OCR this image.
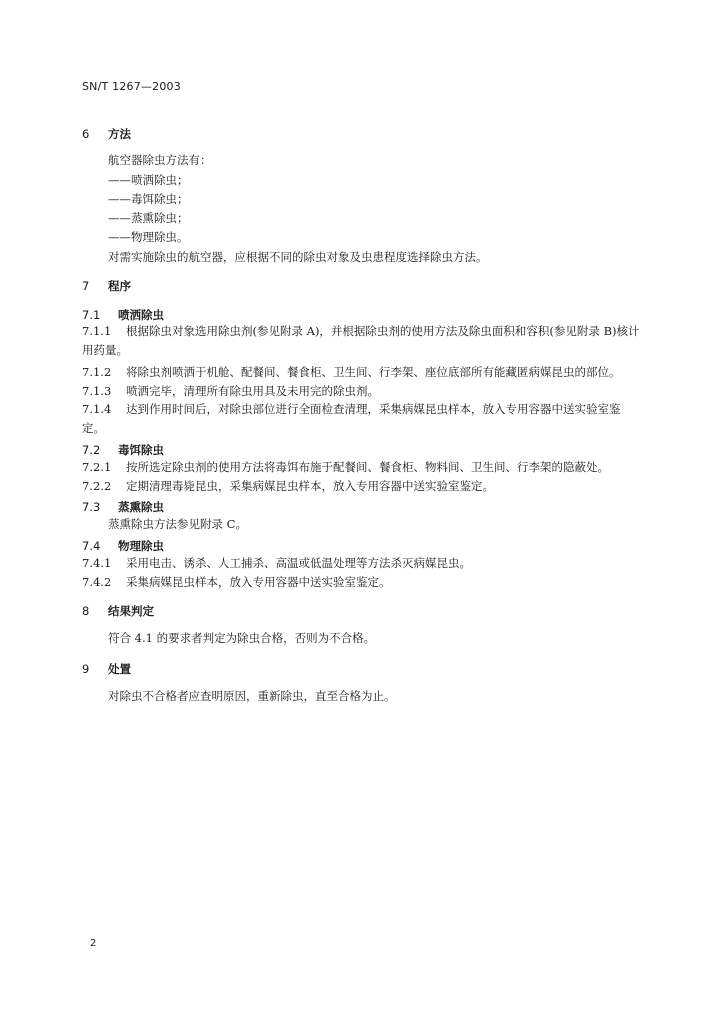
SN/T 1267—2003
6 方法
航空器除虫方法有：
——喷洒除虫；
——毒饵除虫；
——蒸熏除虫；
——物理除虫。
对需实施除虫的航空器，应根据不同的除虫对象及虫患程度选择除虫方法。
7 程序
7.1 喷洒除虫
7.1.1 根据除虫对象选用除虫剂(参见附录 A)，并根据除虫剂的使用方法及除虫面积和容积(参见附录 B)核计用药量。
7.1.2 将除虫剂喷洒于机舱、配餐间、餐食柜、卫生间、行李架、座位底部所有能藏匿病媒昆虫的部位。
7.1.3 喷洒完毕，清理所有除虫用具及未用完的除虫剂。
7.1.4 达到作用时间后，对除虫部位进行全面检查清理，采集病媒昆虫样本，放入专用容器中送实验室鉴定。
7.2 毒饵除虫
7.2.1 按所选定除虫剂的使用方法将毒饵布施于配餐间、餐食柜、物料间、卫生间、行李架的隐蔽处。
7.2.2 定期清理毒毙昆虫，采集病媒昆虫样本，放入专用容器中送实验室鉴定。
7.3 蒸熏除虫
蒸熏除虫方法参见附录 C。
7.4 物理除虫
7.4.1 采用电击、诱杀、人工捕杀、高温或低温处理等方法杀灭病媒昆虫。
7.4.2 采集病媒昆虫样本，放入专用容器中送实验室鉴定。
8 结果判定
符合 4.1 的要求者判定为除虫合格，否则为不合格。
9 处置
对除虫不合格者应查明原因，重新除虫，直至合格为止。
2
